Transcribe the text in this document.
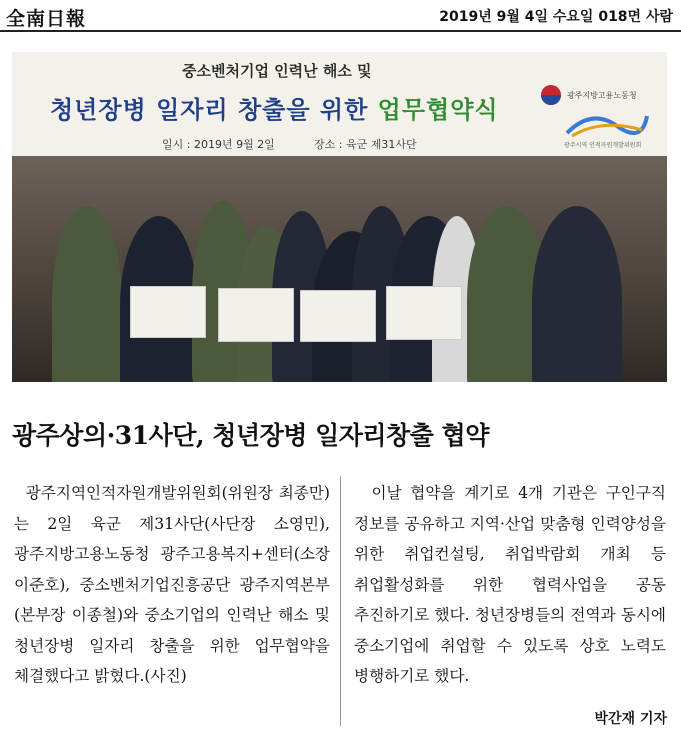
全南日報	2019년 9월 4일 수요일 018면 사람
중소벤처기업 인력난 해소 및
청년장병 일자리 창출을 위한 업무협약식
일시 : 2019년 9월 2일	장소 : 육군 제31사단
광주지방고용노동청
광주시역 인적자원개발위원회
광주상의·31사단, 청년장병 일자리창출 협약
광주지역인적자원개발위원회(위원장 최종만)는 2일 육군 제31사단(사단장 소영민), 광주지방고용노동청 광주고용복지+센터(소장 이준호), 중소벤처기업진흥공단 광주지역본부(본부장 이종철)와 중소기업의 인력난 해소 및 청년장병 일자리 창출을 위한 업무협약을 체결했다고 밝혔다.(사진)
이날 협약을 계기로 4개 기관은 구인구직 정보를 공유하고 지역·산업 맞춤형 인력양성을 위한 취업컨설팅, 취업박람회 개최 등 취업활성화를 위한 협력사업을 공동 추진하기로 했다. 청년장병들의 전역과 동시에 중소기업에 취업할 수 있도록 상호 노력도 병행하기로 했다.
박간재 기자
